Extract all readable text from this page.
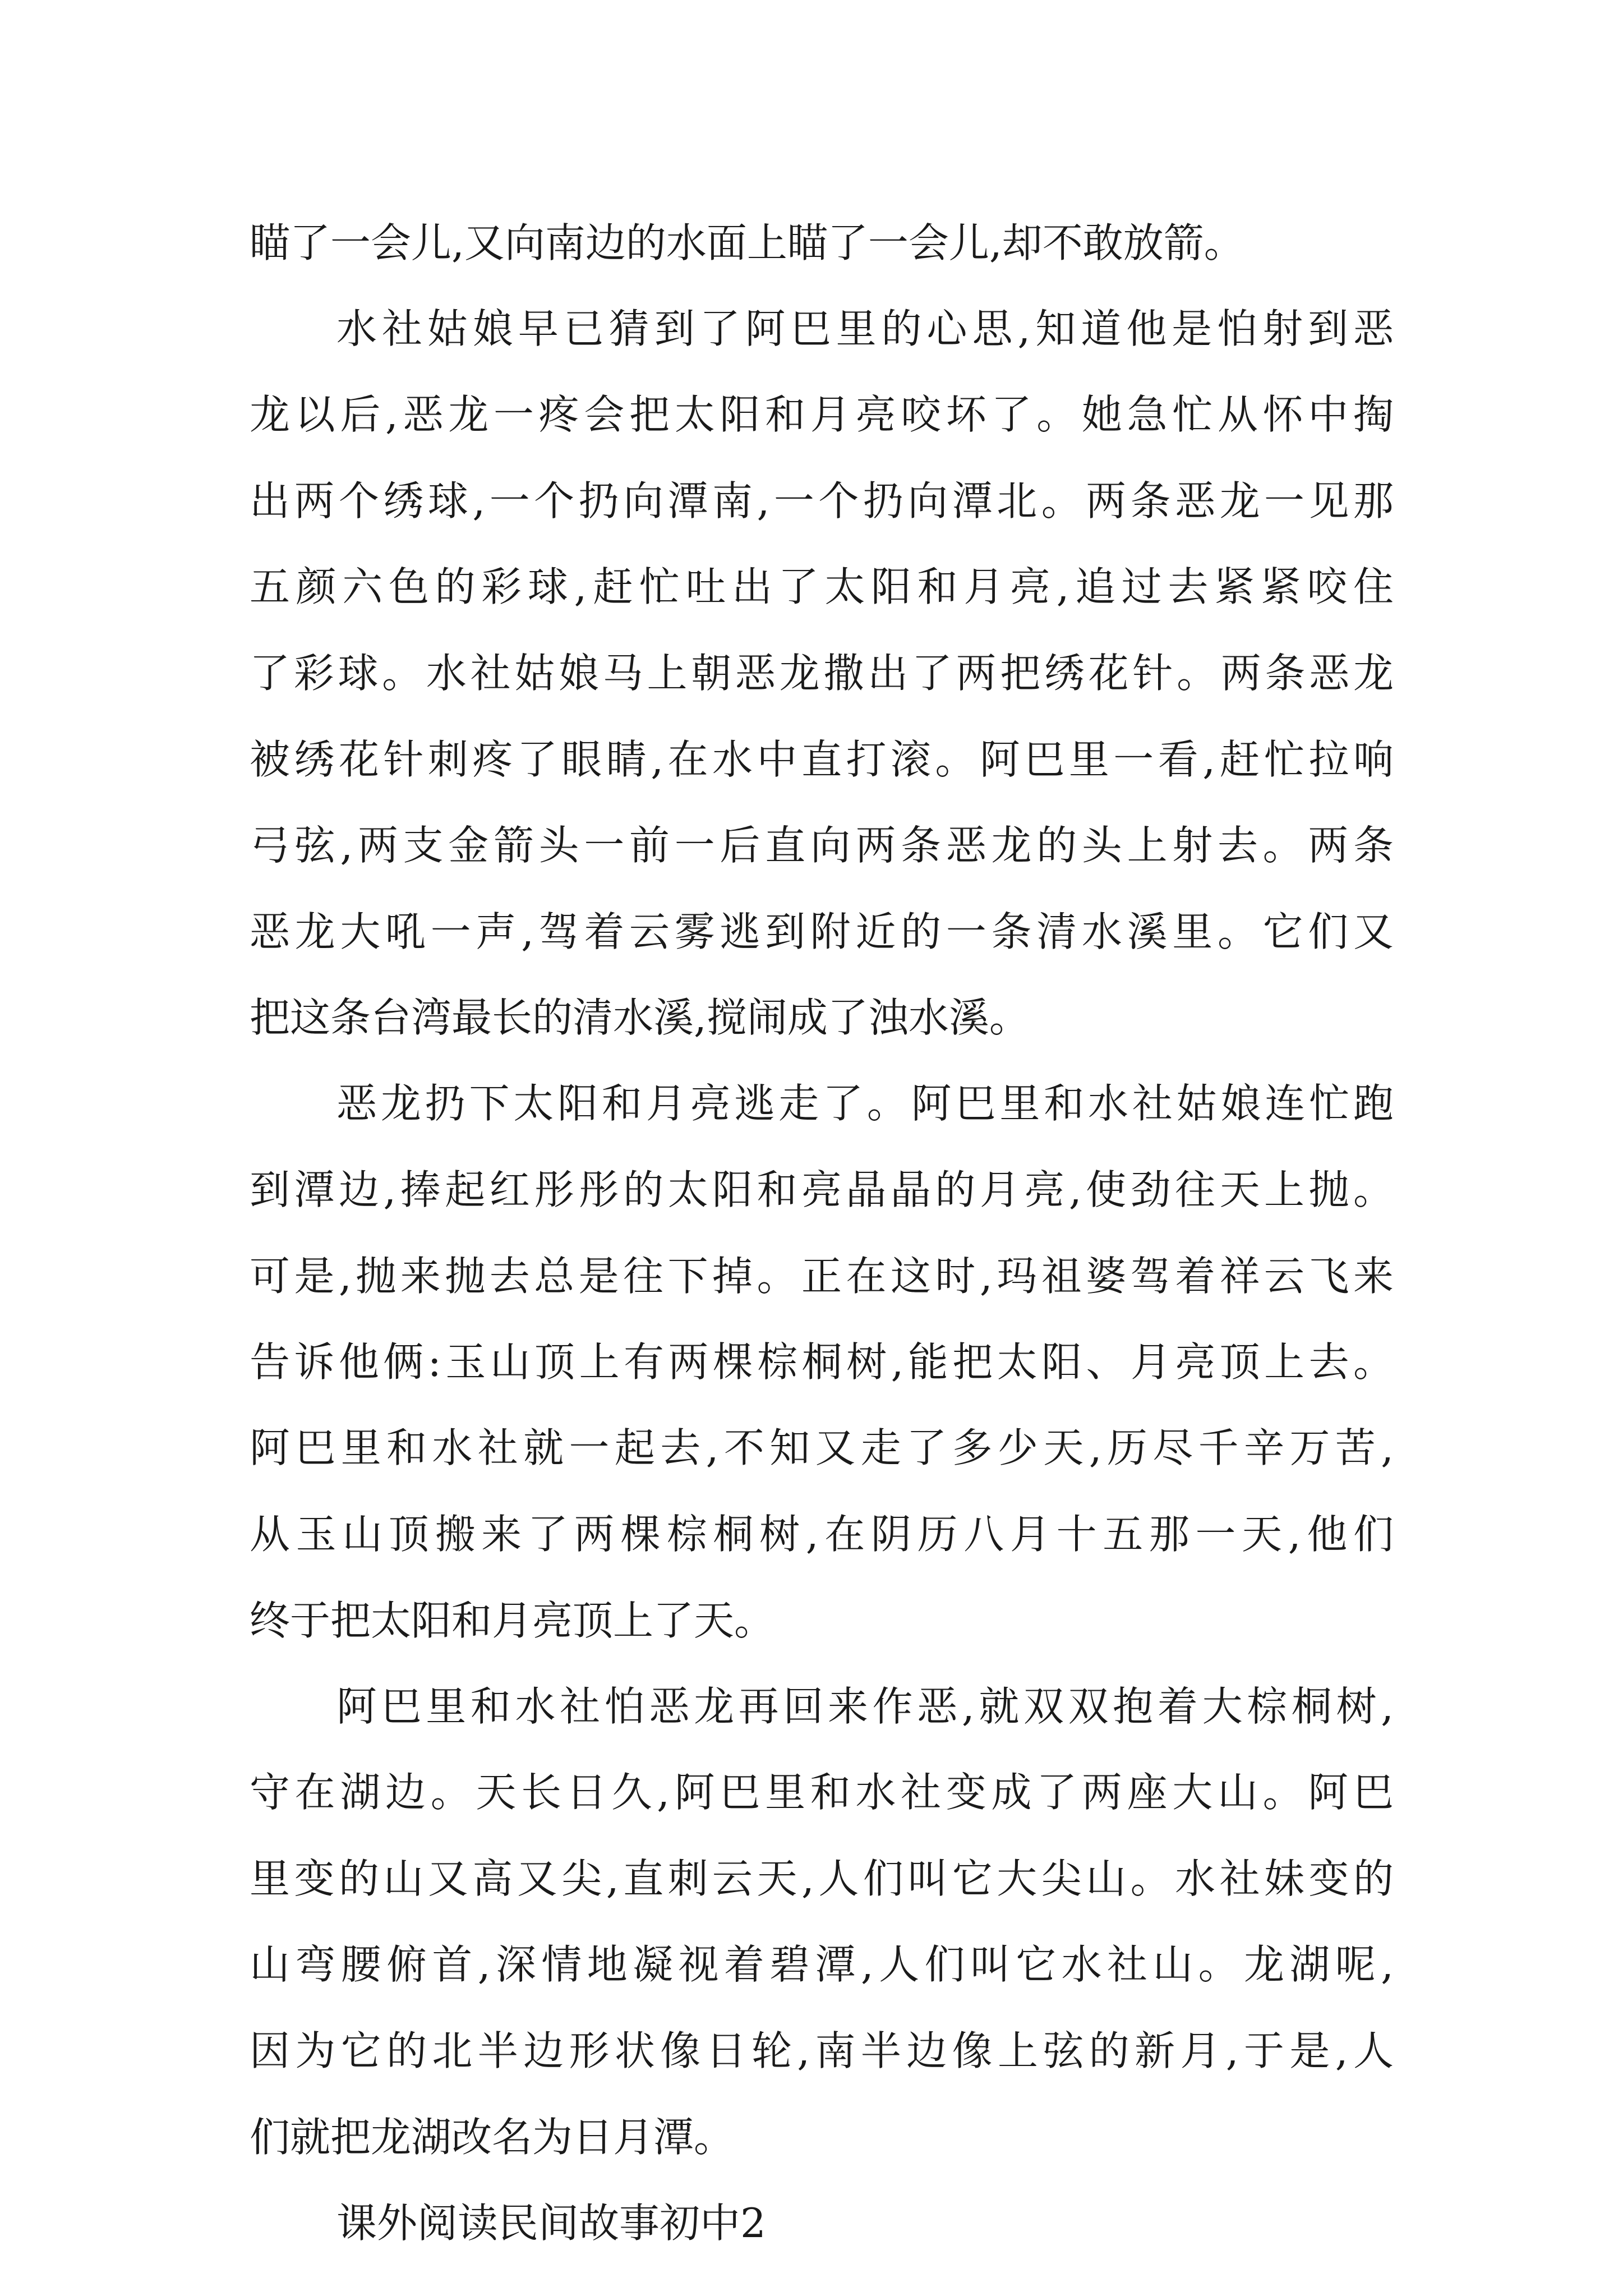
瞄了一会儿,又向南边的水面上瞄了一会儿,却不敢放箭。
水社姑娘早已猜到了阿巴里的心思,知道他是怕射到恶
龙以后,恶龙一疼会把太阳和月亮咬坏了。她急忙从怀中掏
出两个绣球,一个扔向潭南,一个扔向潭北。两条恶龙一见那
五颜六色的彩球,赶忙吐出了太阳和月亮,追过去紧紧咬住
了彩球。水社姑娘马上朝恶龙撒出了两把绣花针。两条恶龙
被绣花针刺疼了眼睛,在水中直打滚。阿巴里一看,赶忙拉响
弓弦,两支金箭头一前一后直向两条恶龙的头上射去。两条
恶龙大吼一声,驾着云雾逃到附近的一条清水溪里。它们又
把这条台湾最长的清水溪,搅闹成了浊水溪。
恶龙扔下太阳和月亮逃走了。阿巴里和水社姑娘连忙跑
到潭边,捧起红彤彤的太阳和亮晶晶的月亮,使劲往天上抛。
可是,抛来抛去总是往下掉。正在这时,玛祖婆驾着祥云飞来
告诉他俩:玉山顶上有两棵棕桐树,能把太阳、月亮顶上去。
阿巴里和水社就一起去,不知又走了多少天,历尽千辛万苦,
从玉山顶搬来了两棵棕桐树,在阴历八月十五那一天,他们
终于把太阳和月亮顶上了天。
阿巴里和水社怕恶龙再回来作恶,就双双抱着大棕桐树,
守在湖边。天长日久,阿巴里和水社变成了两座大山。阿巴
里变的山又高又尖,直刺云天,人们叫它大尖山。水社妹变的
山弯腰俯首,深情地凝视着碧潭,人们叫它水社山。龙湖呢,
因为它的北半边形状像日轮,南半边像上弦的新月,于是,人
们就把龙湖改名为日月潭。
课外阅读民间故事初中2
